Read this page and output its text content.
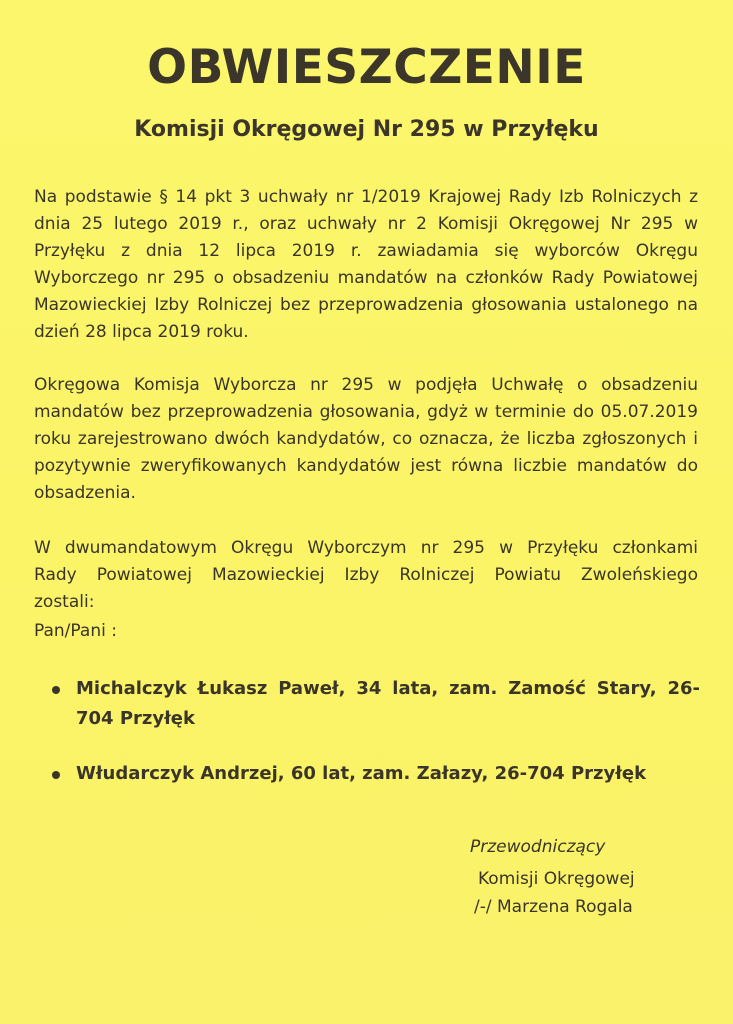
OBWIESZCZENIE
Komisji Okręgowej Nr 295 w Przyłęku

Na podstawie § 14 pkt 3 uchwały nr 1/2019 Krajowej Rady Izb Rolniczych z dnia 25 lutego 2019 r., oraz uchwały nr 2 Komisji Okręgowej Nr 295 w Przyłęku z dnia 12 lipca 2019 r. zawiadamia się wyborców Okręgu Wyborczego nr 295 o obsadzeniu mandatów na członków Rady Powiatowej Mazowieckiej Izby Rolniczej bez przeprowadzenia głosowania ustalonego na dzień 28 lipca 2019 roku.

Okręgowa Komisja Wyborcza nr 295 w podjęła Uchwałę o obsadzeniu mandatów bez przeprowadzenia głosowania, gdyż w terminie do 05.07.2019 roku zarejestrowano dwóch kandydatów, co oznacza, że liczba zgłoszonych i pozytywnie zweryfikowanych kandydatów jest równa liczbie mandatów do obsadzenia.

W dwumandatowym Okręgu Wyborczym nr 295 w Przyłęku członkami
Rady Powiatowej Mazowieckiej Izby Rolniczej Powiatu Zwoleńskiego
zostali:

Pan/Pani :

Michalczyk Łukasz Paweł, 34 lata, zam. Zamość Stary, 26-704 Przyłęk
Włudarczyk Andrzej, 60 lat, zam. Załazy, 26-704 Przyłęk

Przewodniczący

Komisji Okręgowej

/-/ Marzena Rogala
